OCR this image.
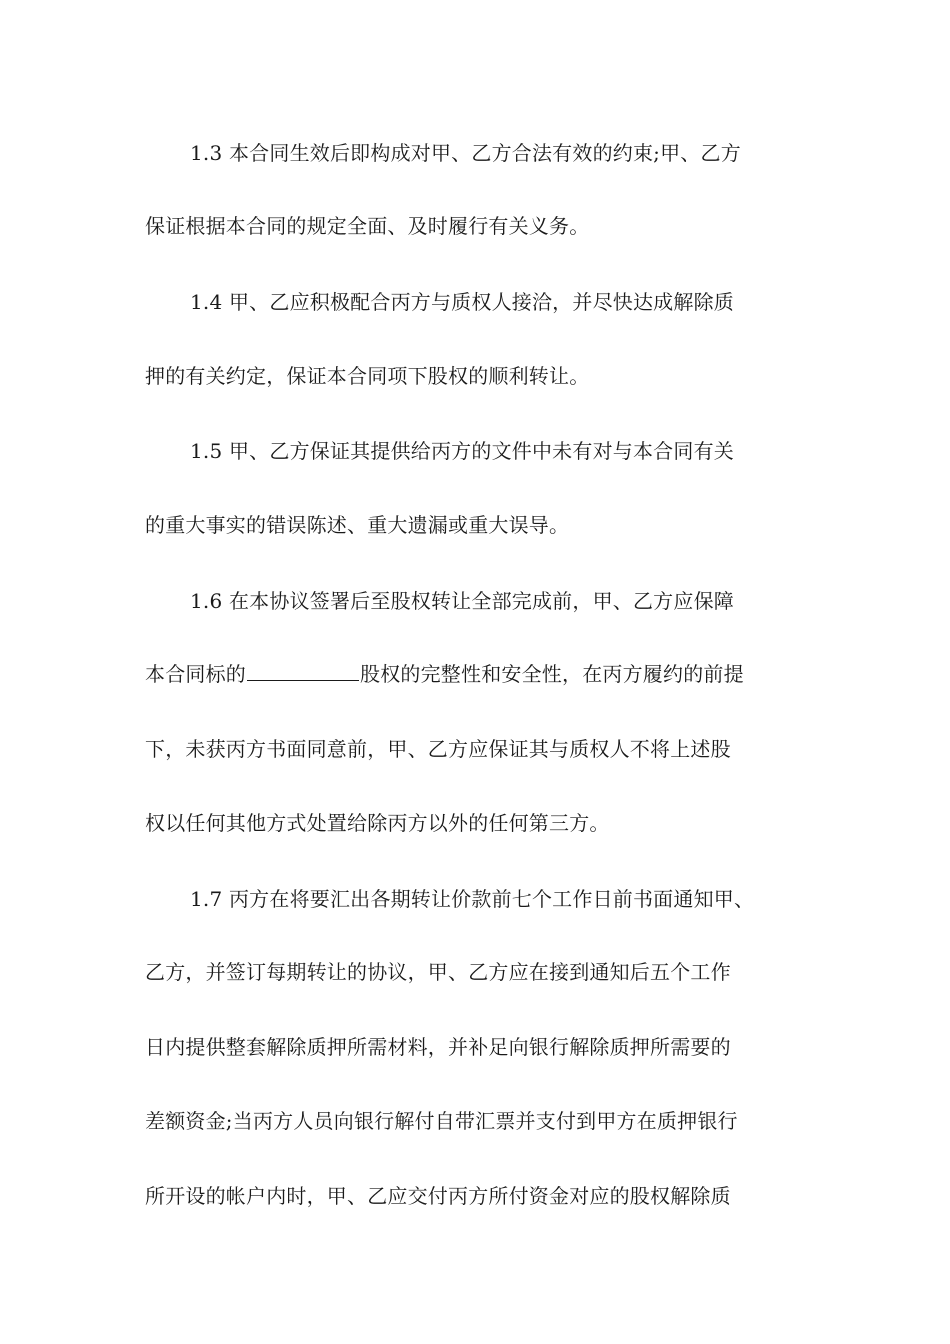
1.3 本合同生效后即构成对甲、乙方合法有效的约束;甲、乙方
保证根据本合同的规定全面、及时履行有关义务。
1.4 甲、乙应积极配合丙方与质权人接洽，并尽快达成解除质
押的有关约定，保证本合同项下股权的顺利转让。
1.5 甲、乙方保证其提供给丙方的文件中未有对与本合同有关
的重大事实的错误陈述、重大遗漏或重大误导。
1.6 在本协议签署后至股权转让全部完成前，甲、乙方应保障
本合同标的	股权的完整性和安全性，在丙方履约的前提
下，未获丙方书面同意前，甲、乙方应保证其与质权人不将上述股
权以任何其他方式处置给除丙方以外的任何第三方。
1.7 丙方在将要汇出各期转让价款前七个工作日前书面通知甲、
乙方，并签订每期转让的协议，甲、乙方应在接到通知后五个工作
日内提供整套解除质押所需材料，并补足向银行解除质押所需要的
差额资金;当丙方人员向银行解付自带汇票并支付到甲方在质押银行
所开设的帐户内时，甲、乙应交付丙方所付资金对应的股权解除质
